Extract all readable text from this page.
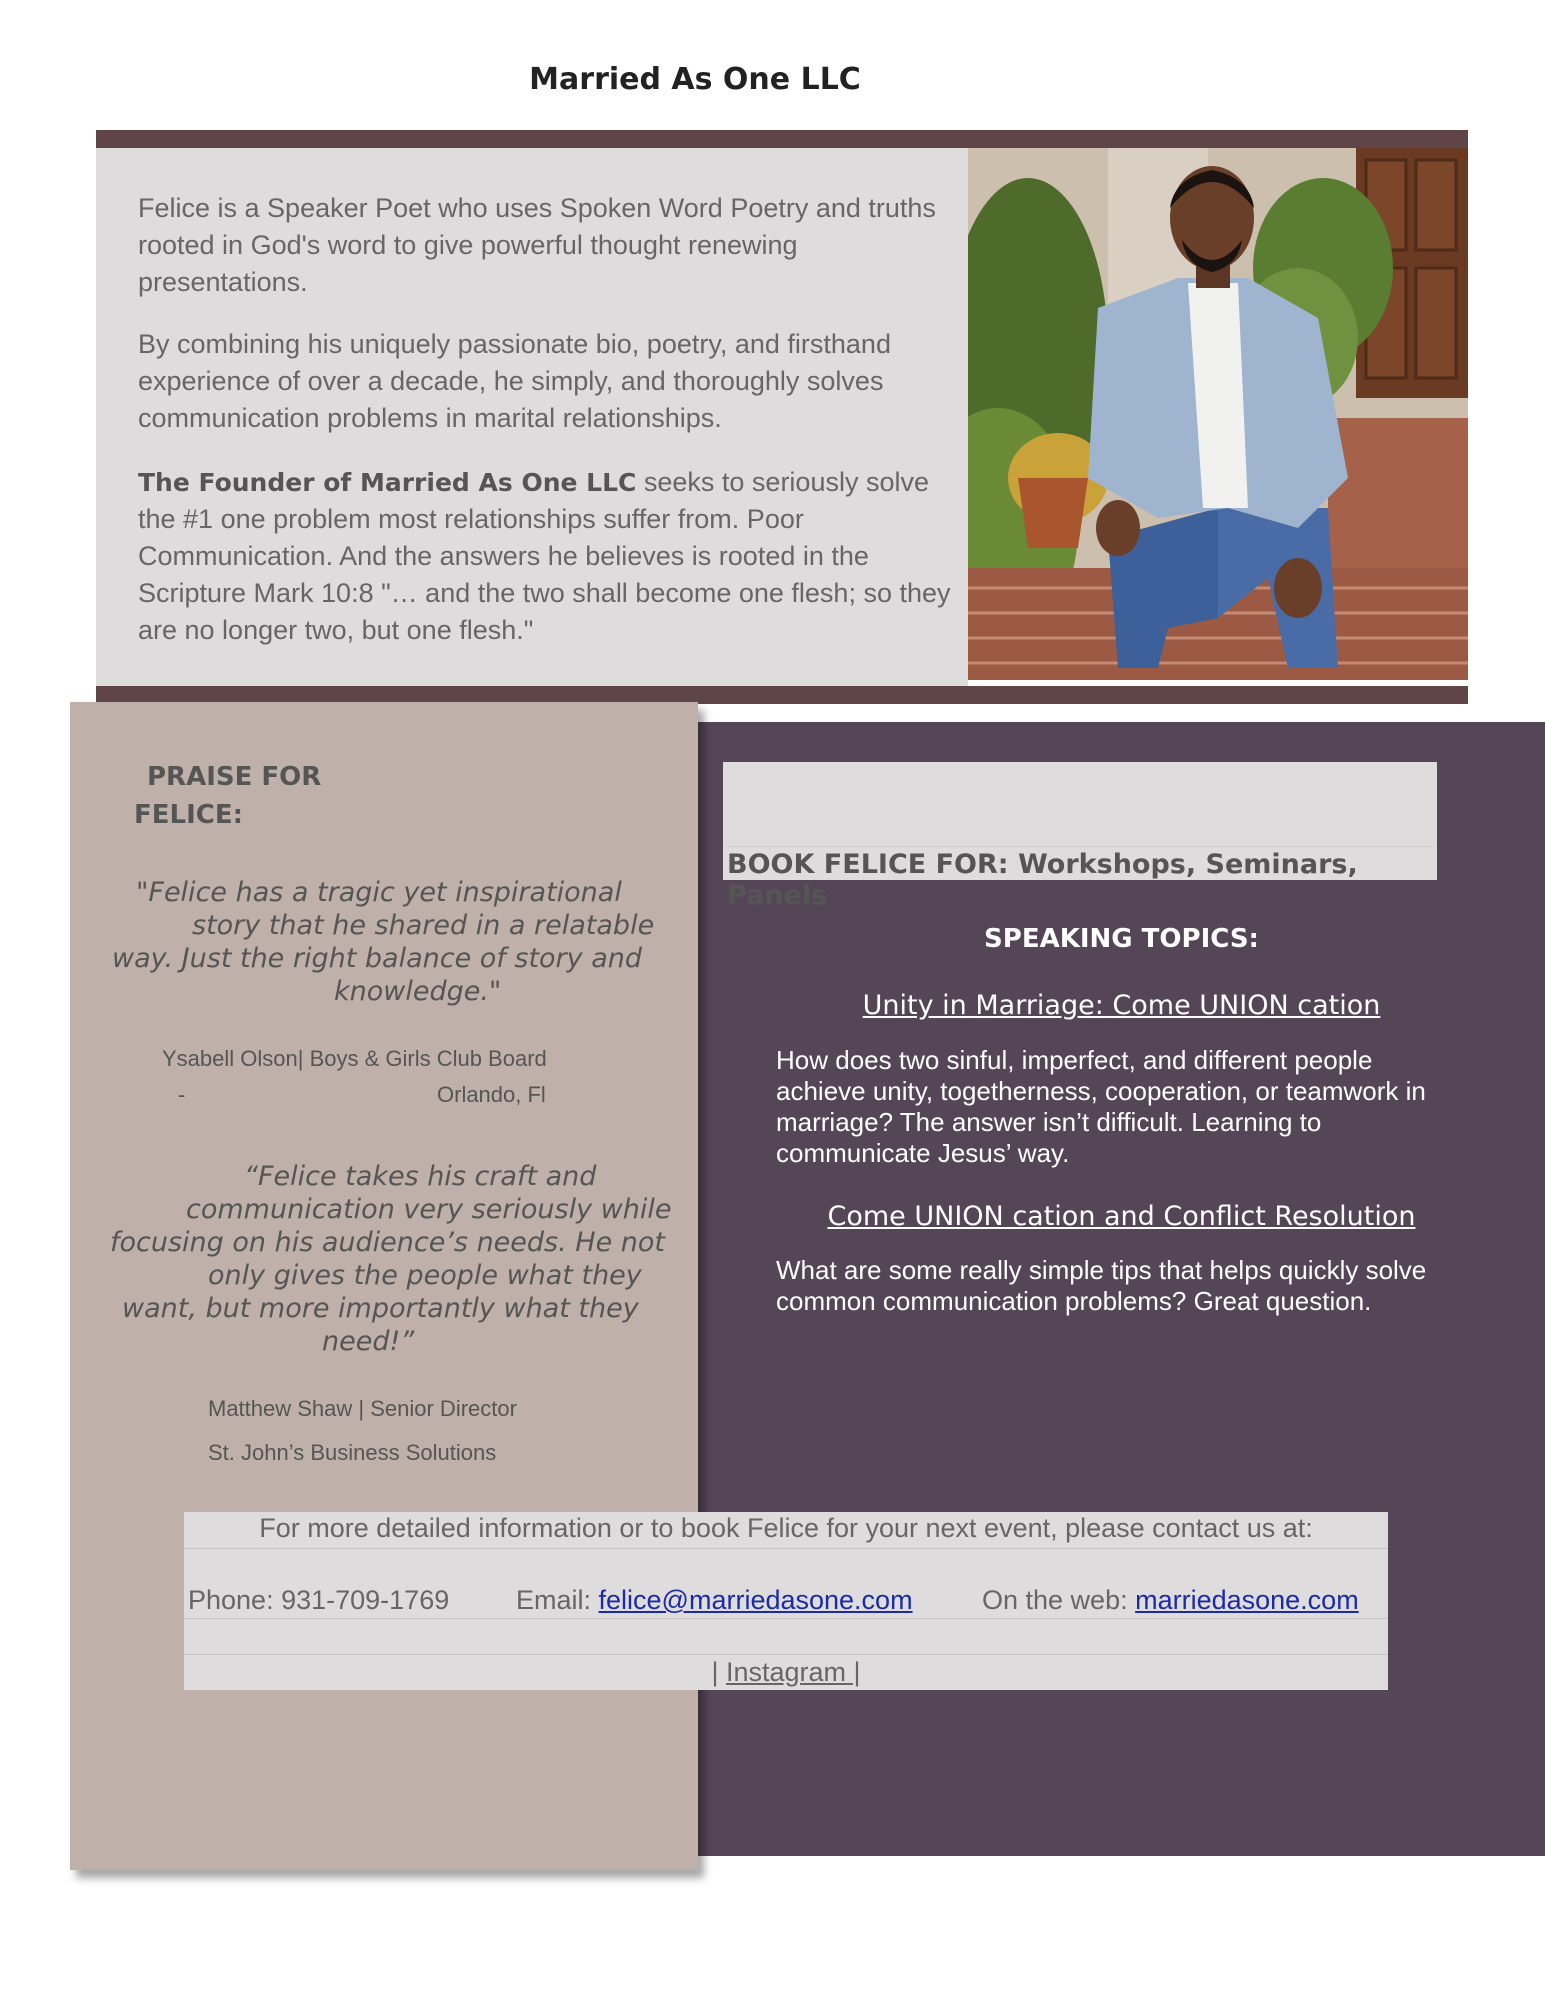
Married As One LLC
Felice is a Speaker Poet who uses Spoken Word Poetry and truths rooted in God's word to give powerful thought renewing presentations.
By combining his uniquely passionate bio, poetry, and firsthand experience of over a decade, he simply, and thoroughly solves communication problems in marital relationships.
The Founder of Married As One LLC seeks to seriously solve the #1 one problem most relationships suffer from. Poor Communication. And the answers he believes is rooted in the Scripture Mark 10:8 "… and the two shall become one flesh; so they are no longer two, but one flesh."
PRAISE FOR
FELICE:
"Felice has a tragic yet inspirational
story that he shared in a relatable
way. Just the right balance of story and
knowledge."
Ysabell Olson| Boys & Girls Club Board
-	Orlando, Fl
“Felice takes his craft and
communication very seriously while
focusing on his audience’s needs. He not
only gives the people what they
want, but more importantly what they
need!”
Matthew Shaw | Senior Director
St. John’s Business Solutions
BOOK FELICE FOR: Workshops, Seminars, Panels
SPEAKING TOPICS:
Unity in Marriage: Come UNION cation
How does two sinful, imperfect, and different people achieve unity, togetherness, cooperation, or teamwork in marriage? The answer isn’t difficult. Learning to communicate Jesus’ way.
Come UNION cation and Conflict Resolution
What are some really simple tips that helps quickly solve common communication problems? Great question.
For more detailed information or to book Felice for your next event, please contact us at:
Phone: 931-709-1769 Email: felice@marriedasone.com	On the web: marriedasone.com
| Instagram |
